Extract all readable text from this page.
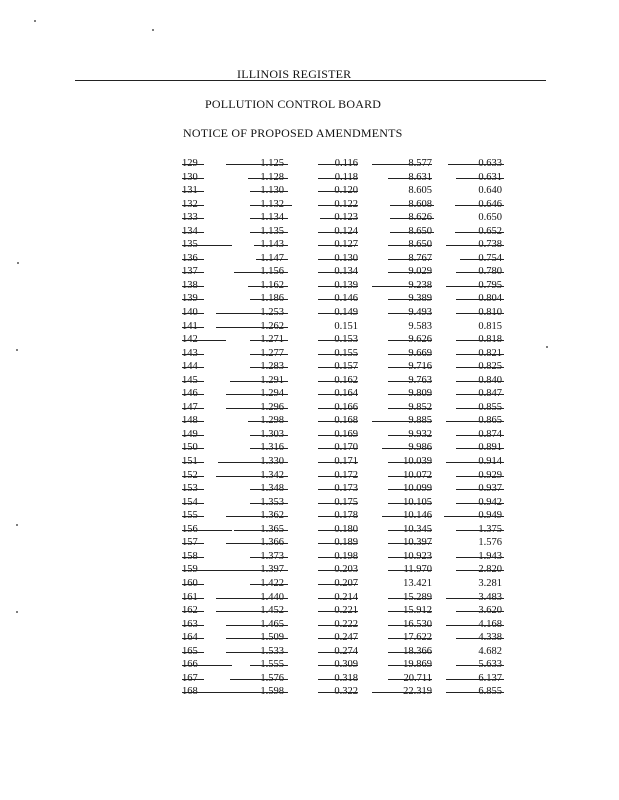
ILLINOIS REGISTER
POLLUTION CONTROL BOARD
NOTICE OF PROPOSED AMENDMENTS
129	1.125	0.116	8.577	0.633
130	1.128	0.118	8.631	0.631
131	1.130	0.120	8.605	0.640
132	1.132	0.122	8.608	0.646
133	1.134	0.123	8.626	0.650
134	1.135	0.124	8.650	0.652
135	1.143	0.127	8.650	0.738
136	1.147	0.130	8.767	0.754
137	1.156	0.134	9.029	0.780
138	1.162	0.139	9.238	0.795
139	1.186	0.146	9.389	0.804
140	1.253	0.149	9.493	0.810
141	1.262	0.151	9.583	0.815
142	1.271	0.153	9.626	0.818
143	1.277	0.155	9.669	0.821
144	1.283	0.157	9.716	0.825
145	1.291	0.162	9.763	0.840
146	1.294	0.164	9.809	0.847
147	1.296	0.166	9.852	0.855
148	1.298	0.168	9.885	0.865
149	1.303	0.169	9.932	0.874
150	1.316	0.170	9.986	0.891
151	1.330	0.171	10.039	0.914
152	1.342	0.172	10.072	0.929
153	1.348	0.173	10.099	0.937
154	1.353	0.175	10.105	0.942
155	1.362	0.178	10.146	0.949
156	1.365	0.180	10.345	1.375
157	1.366	0.189	10.397	1.576
158	1.373	0.198	10.923	1.943
159	1.397	0.203	11.970	2.820
160	1.422	0.207	13.421	3.281
161	1.440	0.214	15.289	3.483
162	1.452	0.221	15.912	3.620
163	1.465	0.222	16.530	4.168
164	1.509	0.247	17.622	4.338
165	1.533	0.274	18.366	4.682
166	1.555	0.309	19.869	5.633
167	1.576	0.318	20.711	6.137
168	1.598	0.322	22.319	6.855
